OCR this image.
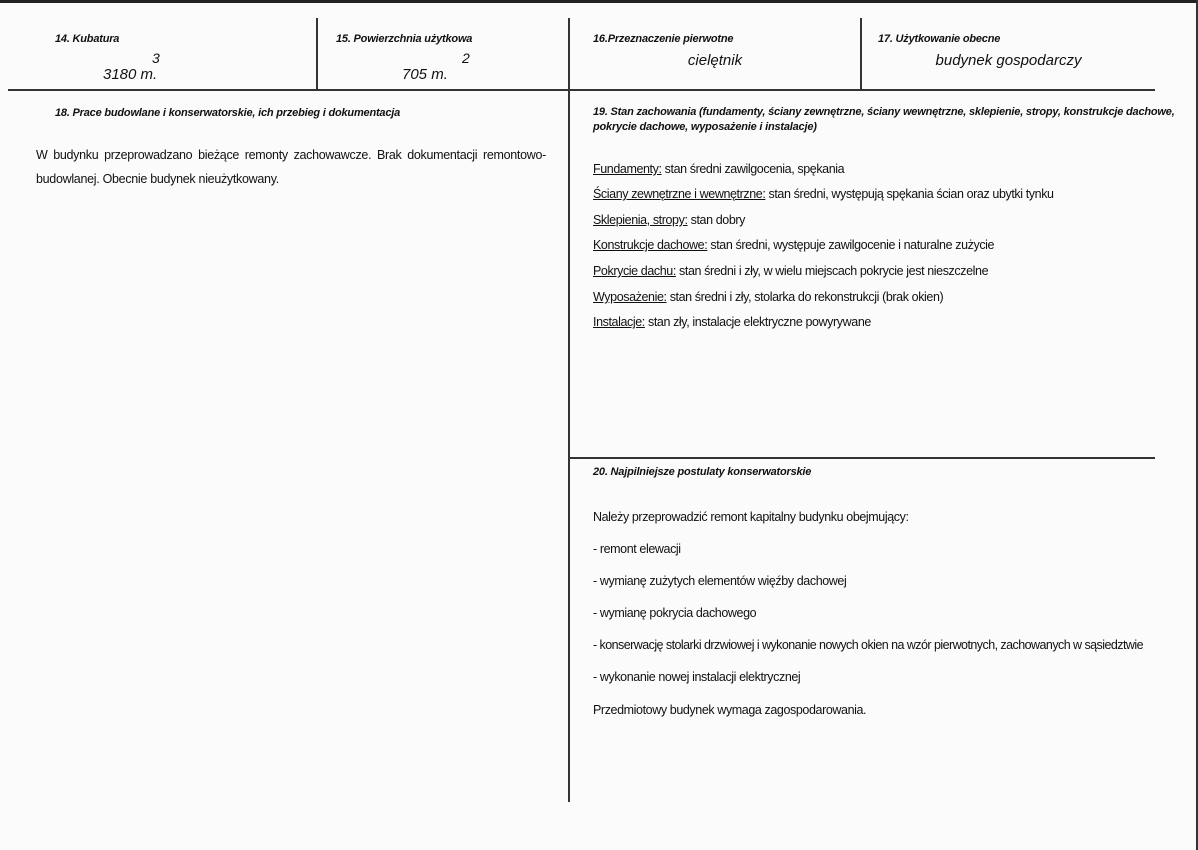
14. Kubatura
3
3180 m.
15. Powierzchnia użytkowa
2
705 m.
16.Przeznaczenie pierwotne
cielętnik
17. Użytkowanie obecne
budynek gospodarczy
18. Prace budowlane i konserwatorskie, ich przebieg i dokumentacja
W budynku przeprowadzano bieżące remonty zachowawcze. Brak dokumentacji remontowo-
budowlanej. Obecnie budynek nieużytkowany.
19. Stan zachowania (fundamenty, ściany zewnętrzne, ściany wewnętrzne, sklepienie, stropy, konstrukcje dachowe,
pokrycie dachowe, wyposażenie i instalacje)
Fundamenty: stan średni zawilgocenia, spękania
Ściany zewnętrzne i wewnętrzne: stan średni, występują spękania ścian oraz ubytki tynku
Sklepienia, stropy: stan dobry
Konstrukcje dachowe: stan średni, występuje zawilgocenie i naturalne zużycie
Pokrycie dachu: stan średni i zły, w wielu miejscach pokrycie jest nieszczelne
Wyposażenie: stan średni i zły, stolarka do rekonstrukcji (brak okien)
Instalacje: stan zły, instalacje elektryczne powyrywane
20. Najpilniejsze postulaty konserwatorskie
Należy przeprowadzić remont kapitalny budynku obejmujący:
- remont elewacji
- wymianę zużytych elementów więźby dachowej
- wymianę pokrycia dachowego
- konserwację stolarki drzwiowej i wykonanie nowych okien na wzór pierwotnych, zachowanych w sąsiedztwie
- wykonanie nowej instalacji elektrycznej
Przedmiotowy budynek wymaga zagospodarowania.
